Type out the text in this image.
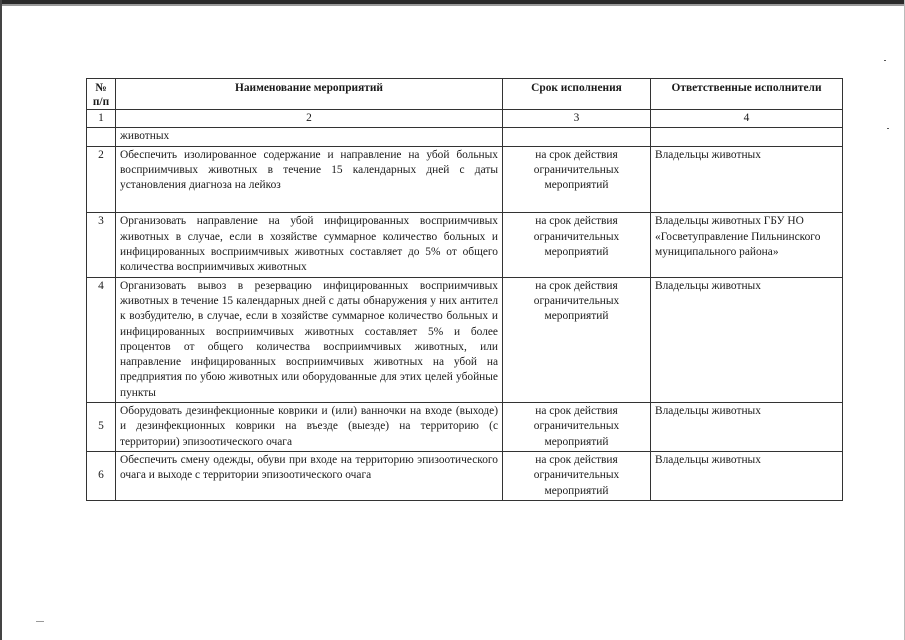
№ п/п	Наименование мероприятий	Срок исполнения	Ответственные исполнители
1	2	3	4
	животных		
2	Обеспечить изолированное содержание и направление на убой больных восприимчивых животных в течение 15 календарных дней с даты установления диагноза на лейкоз	на срок действия ограничительных мероприятий	Владельцы животных
3	Организовать направление на убой инфицированных восприимчивых животных в случае, если в хозяйстве суммарное количество больных и инфицированных восприимчивых животных составляет до 5% от общего количества восприимчивых животных	на срок действия ограничительных мероприятий	Владельцы животных ГБУ НО «Госветуправление Пильнинского муниципального района»
4	Организовать вывоз в резервацию инфицированных восприимчивых животных в течение 15 календарных дней с даты обнаружения у них антител к возбудителю, в случае, если в хозяйстве суммарное количество больных и инфицированных восприимчивых животных составляет 5% и более процентов от общего количества восприимчивых животных, или направление инфицированных восприимчивых животных на убой на предприятия по убою животных или оборудованные для этих целей убойные пункты	на срок действия ограничительных мероприятий	Владельцы животных
5	Оборудовать дезинфекционные коврики и (или) ванночки на входе (выходе) и дезинфекционных коврики на въезде (выезде) на территорию (с территории) эпизоотического очага	на срок действия ограничительных мероприятий	Владельцы животных
6	Обеспечить смену одежды, обуви при входе на территорию эпизоотического очага и выходе с территории эпизоотического очага	на срок действия ограничительных мероприятий	Владельцы животных
